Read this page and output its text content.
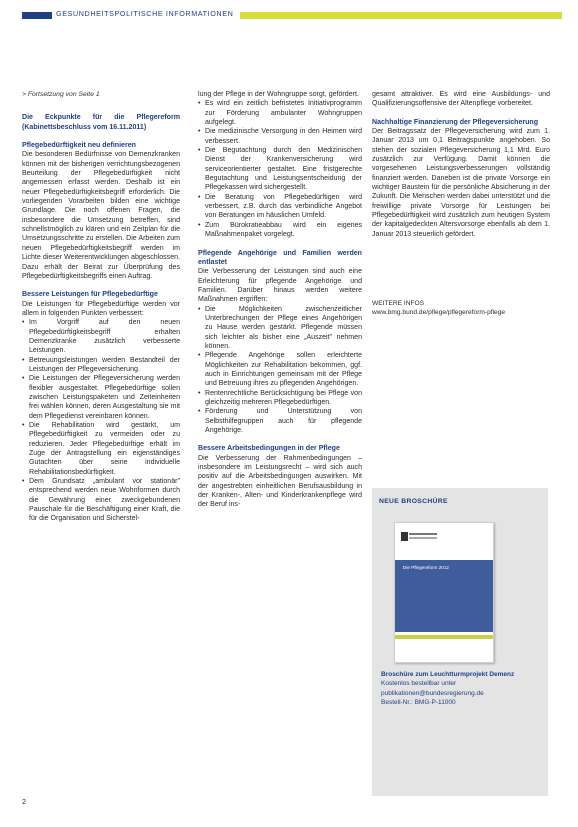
GESUNDHEITSPOLITISCHE INFORMATIONEN

> Fortsetzung von Seite 1

Die Eckpunkte für die Pflegereform (Kabinettsbeschluss vom 16.11.2011)

Pflegebedürftigkeit neu definieren

Die besonderen Bedürfnisse von Demenzkranken können mit der bisherigen verrichtungsbezogenen Beurteilung der Pflegebedürftigkeit nicht angemessen erfasst werden. Deshalb ist ein neuer Pflegebedürftigkeitsbegriff erforderlich. Die vorliegenden Vorarbeiten bilden eine wichtige Grundlage. Die noch offenen Fragen, die insbesondere die Umsetzung betreffen, sind schnellstmöglich zu klären und ein Zeitplan für die Umsetzungsschritte zu erstellen. Die Arbeiten zum neuen Pflegebedürftigkeitsbegriff werden im Lichte dieser Weiterentwicklungen abgeschlossen. Dazu erhält der Beirat zur Überprüfung des Pflegebedürftigkeitsbegriffs einen Auftrag.

Bessere Leistungen für Pflegebedürftige

Die Leistungen für Pflegebedürftige werden vor allem in folgenden Punkten verbessert:

• Im Vorgriff auf den neuen Pflegebedürftigkeitsbegriff erhalten Demenzkranke zusätzlich verbesserte Leistungen.
• Betreuungsleistungen werden Bestandteil der Leistungen der Pflegeversicherung.
• Die Leistungen der Pflegeversicherung werden flexibler ausgestaltet. Pflegebedürftige sollen zwischen Leistungspaketen und Zeiteinheiten frei wählen können, deren Ausgestaltung sie mit dem Pflegedienst vereinbaren können.
• Die Rehabilitation wird gestärkt, um Pflegebedürftigkeit zu vermeiden oder zu reduzieren. Jeder Pflegebedürftige erhält im Zuge der Antragstellung ein eigenständiges Gutachten über seine individuelle Rehabilitationsbedürftigkeit.
• Dem Grundsatz „ambulant vor stationär" entsprechend werden neue Wohnformen durch die Gewährung einer zweckgebundenen Pauschale für die Beschäftigung einer Kraft, die für die Organisation und Sicherstel-

lung der Pflege in der Wohngruppe sorgt, gefördert.

• Es wird ein zeitlich befristetes Initiativprogramm zur Förderung ambulanter Wohngruppen aufgelegt.
• Die medizinische Versorgung in den Heimen wird verbessert.
• Die Begutachtung durch den Medizinischen Dienst der Krankenversicherung wird serviceorientierter gestaltet. Eine fristgerechte Begutachtung und Leistungsentscheidung der Pflegekassen wird sichergestellt.
• Die Beratung von Pflegebedürftigen wird verbessert, z.B. durch das verbindliche Angebot von Beratungen im häuslichen Umfeld.
• Zum Bürokratieabbau wird ein eigenes Maßnahmenpaket vorgelegt.

Pflegende Angehörige und Familien werden entlastet

Die Verbesserung der Leistungen sind auch eine Erleichterung für pflegende Angehörige und Familien. Darüber hinaus werden weitere Maßnahmen ergriffen:

• Die Möglichkeiten zwischenzeitlicher Unterbrechungen der Pflege eines Angehörigen zu Hause werden gestärkt. Pflegende müssen sich leichter als bisher eine „Auszeit" nehmen können.
• Pflegende Angehörige sollen erleichterte Möglichkeiten zur Rehabilitation bekommen, ggf. auch in Einrichtungen gemeinsam mit der Pflege und Betreuung ihres zu pflegenden Angehörigen.
• Rentenrechtliche Berücksichtigung bei Pflege von gleichzeitig mehreren Pflegebedürftigen.
• Förderung und Unterstützung von Selbsthilfegruppen auch für pflegende Angehörige.

Bessere Arbeitsbedingungen in der Pflege

Die Verbesserung der Rahmenbedingungen – insbesondere im Leistungsrecht – wird sich auch positiv auf die Arbeitsbedingungen auswirken. Mit der angestrebten einheitlichen Berufsausbildung in der Kranken-, Alten- und Kinderkrankenpflege wird der Beruf ins-

gesamt attraktiver. Es wird eine Ausbildungs- und Qualifizierungsoffensive der Altenpflege vorbereitet.

Nachhaltige Finanzierung der Pflegeversicherung

Der Beitragssatz der Pflegeversicherung wird zum 1. Januar 2013 um 0,1 Beitragspunkte angehoben. So stehen der sozialen Pflegeversicherung 1,1 Mrd. Euro zusätzlich zur Verfügung. Damit können die vorgesehenen Leistungsverbesserungen vollständig finanziert werden. Daneben ist die private Vorsorge ein wichtiger Baustein für die persönliche Absicherung in der Zukunft. Die Menschen werden dabei unterstützt und die freiwillige private Vorsorge für Leistungen bei Pflegebedürftigkeit wird zusätzlich zum heutigen System der kapitalgedeckten Altersvorsorge ebenfalls ab dem 1. Januar 2013 steuerlich gefördert.

WEITERE INFOS
www.bmg.bund.de/pflege/pflegereform-pflege
NEUE BROSCHÜRE
Die Pflegereform 2012
Broschüre zum Leuchtturmprojekt Demenz
Kostenlos bestellbar unter
publikationen@bundesregierung.de
Bestell-Nr.: BMG-P-11000
2
